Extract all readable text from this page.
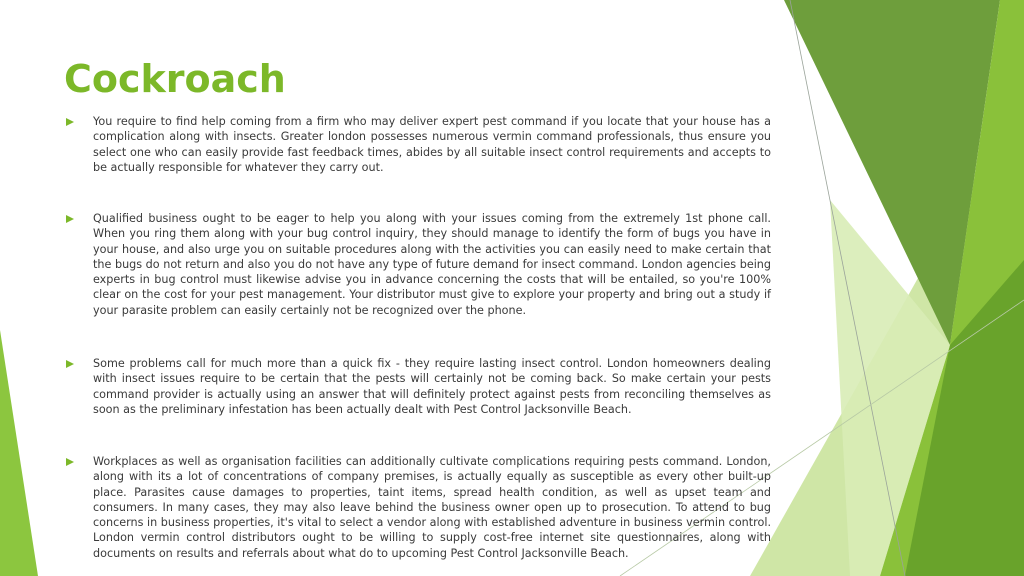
Cockroach

You require to find help coming from a firm who may deliver expert pest command if you locate that your house has a complication along with insects. Greater london possesses numerous vermin command professionals, thus ensure you select one who can easily provide fast feedback times, abides by all suitable insect control requirements and accepts to be actually responsible for whatever they carry out.

Qualified business ought to be eager to help you along with your issues coming from the extremely 1st phone call. When you ring them along with your bug control inquiry, they should manage to identify the form of bugs you have in your house, and also urge you on suitable procedures along with the activities you can easily need to make certain that the bugs do not return and also you do not have any type of future demand for insect command. London agencies being experts in bug control must likewise advise you in advance concerning the costs that will be entailed, so you're 100% clear on the cost for your pest management. Your distributor must give to explore your property and bring out a study if your parasite problem can easily certainly not be recognized over the phone.

Some problems call for much more than a quick fix - they require lasting insect control. London homeowners dealing with insect issues require to be certain that the pests will certainly not be coming back. So make certain your pests command provider is actually using an answer that will definitely protect against pests from reconciling themselves as soon as the preliminary infestation has been actually dealt with Pest Control Jacksonville Beach.

Workplaces as well as organisation facilities can additionally cultivate complications requiring pests command. London, along with its a lot of concentrations of company premises, is actually equally as susceptible as every other built-up place. Parasites cause damages to properties, taint items, spread health condition, as well as upset team and consumers. In many cases, they may also leave behind the business owner open up to prosecution. To attend to bug concerns in business properties, it's vital to select a vendor along with established adventure in business vermin control. London vermin control distributors ought to be willing to supply cost-free internet site questionnaires, along with documents on results and referrals about what do to upcoming Pest Control Jacksonville Beach.
